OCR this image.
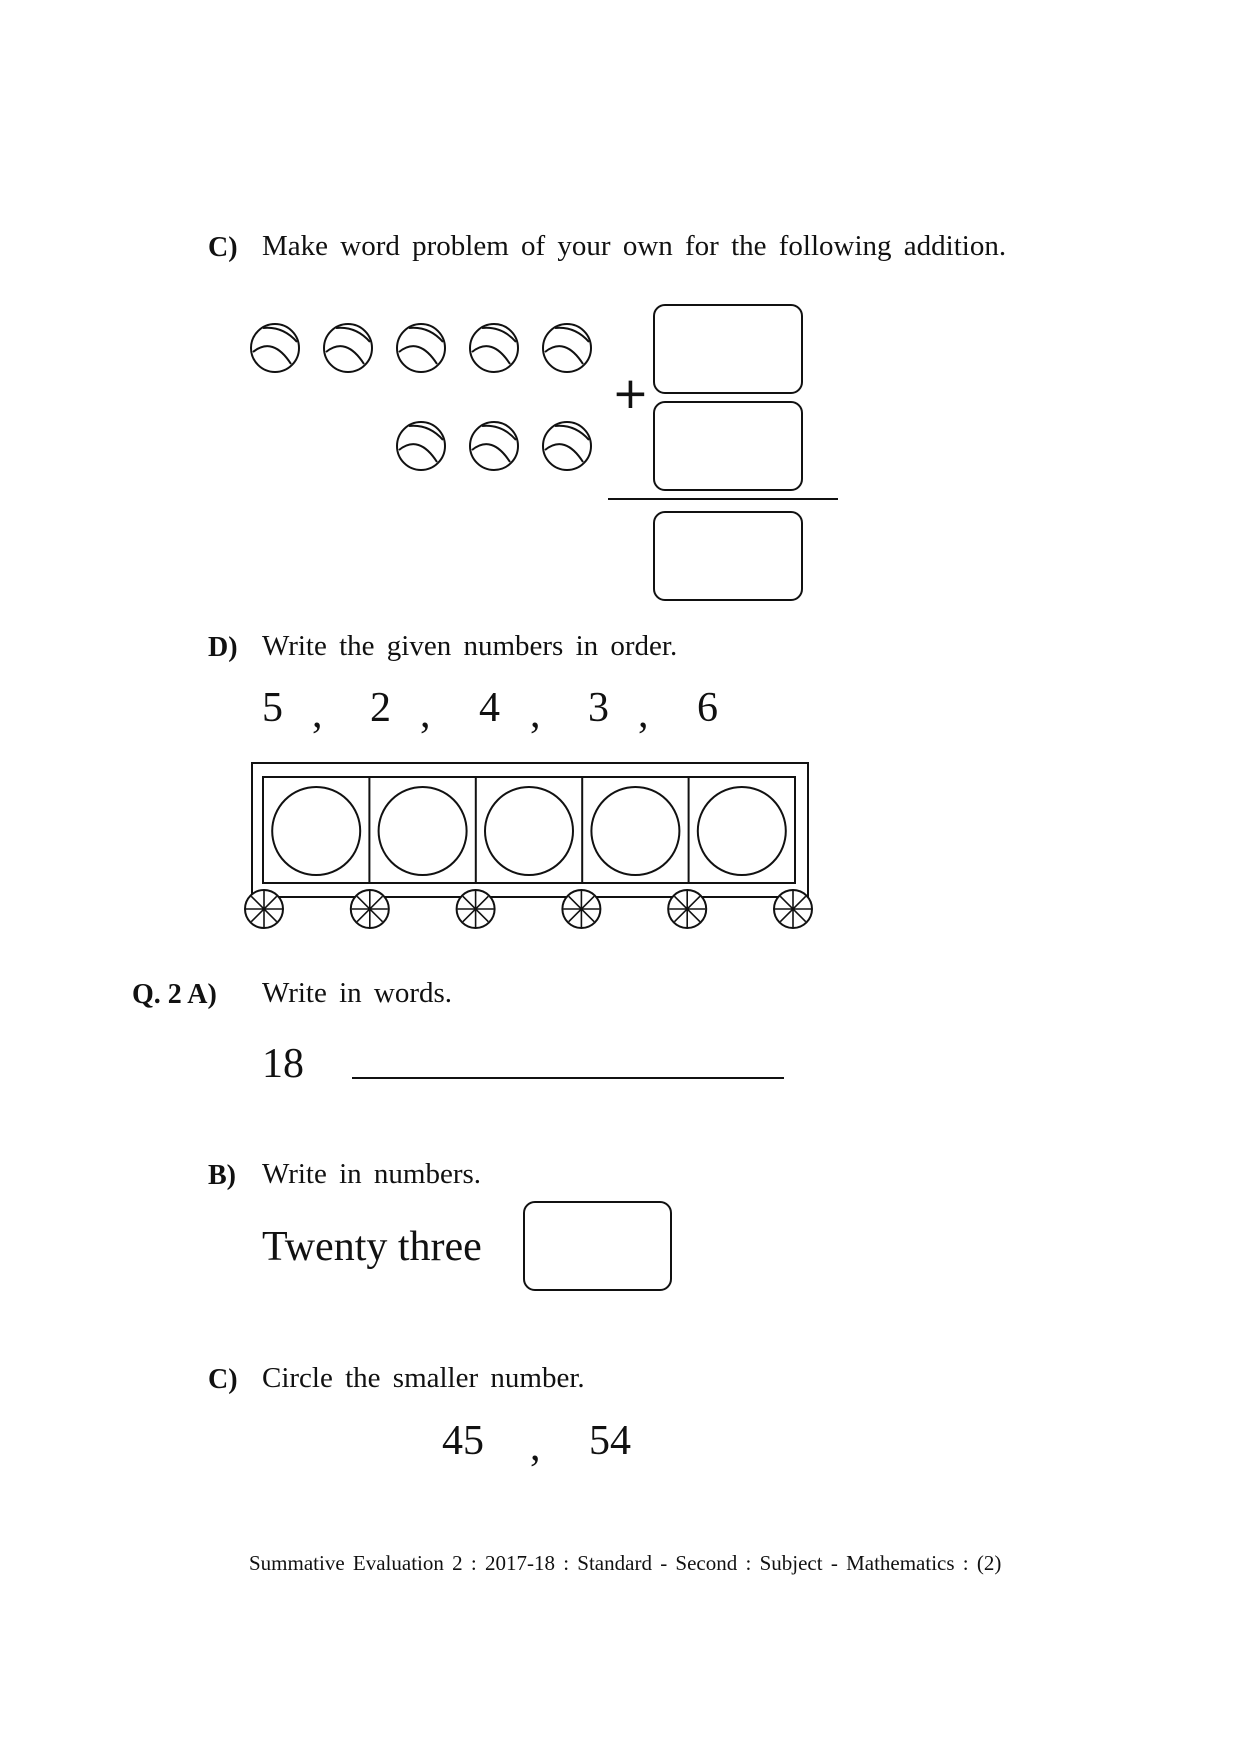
C) Make word problem of your own for the following addition.
+
D) Write the given numbers in order.
5 , 2 , 4 , 3 , 6
Q. 2 A) Write in words.
18
B) Write in numbers.
Twenty three
C) Circle the smaller number.
45 , 54
Summative Evaluation 2 : 2017-18 : Standard - Second : Subject - Mathematics : (2)
